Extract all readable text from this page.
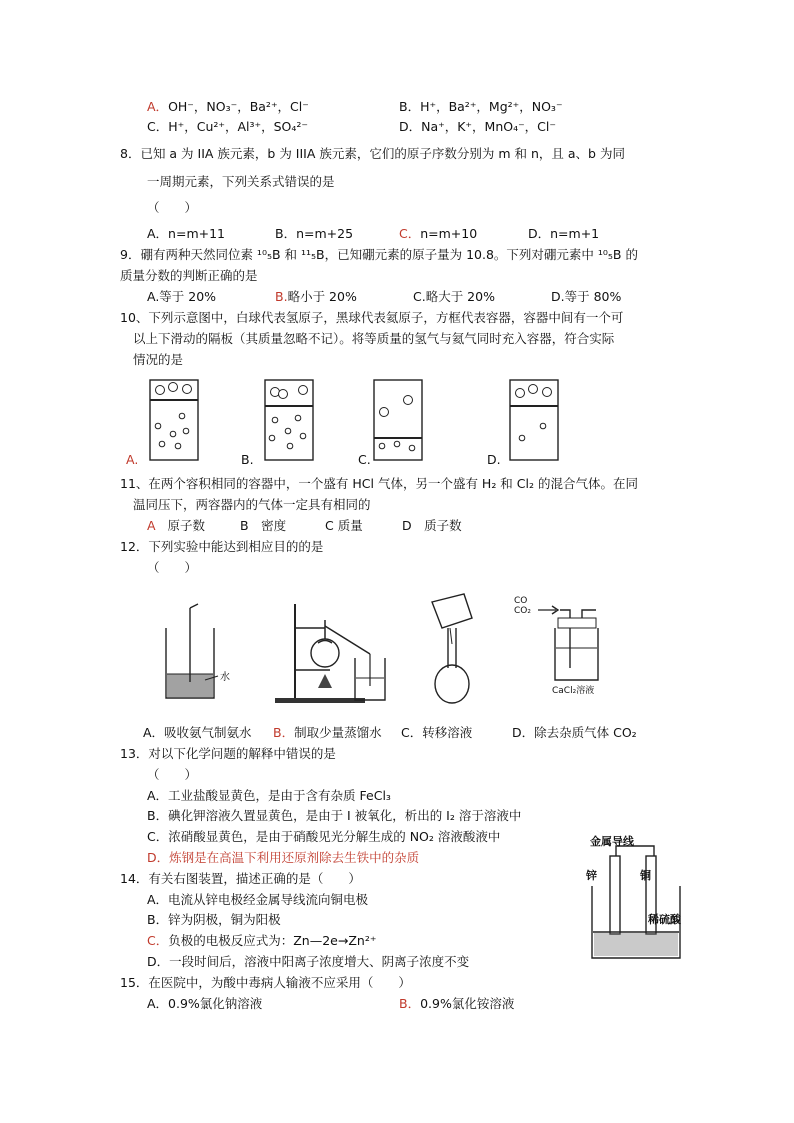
A．OH⁻，NO₃⁻，Ba²⁺，Cl⁻	B．H⁺，Ba²⁺，Mg²⁺，NO₃⁻
C．H⁺，Cu²⁺，Al³⁺，SO₄²⁻	D．Na⁺，K⁺，MnO₄⁻，Cl⁻
8．已知 a 为 IIA 族元素，b 为 IIIA 族元素，它们的原子序数分别为 m 和 n，且 a、b 为同
一周期元素，下列关系式错误的是
（　　）
A．n=m+11	B．n=m+25	C．n=m+10	D．n=m+1
9．硼有两种天然同位素 ¹⁰₅B 和 ¹¹₅B，已知硼元素的原子量为 10.8。下列对硼元素中 ¹⁰₅B 的
质量分数的判断正确的是
A.等于 20%	B.略小于 20%	C.略大于 20%	D.等于 80%
10、下列示意图中，白球代表氢原子，黑球代表氦原子，方框代表容器，容器中间有一个可
以上下滑动的隔板（其质量忽略不记）。将等质量的氢气与氦气同时充入容器，符合实际
情况的是
A.	B.	C.	D.
11、在两个容积相同的容器中，一个盛有 HCl 气体，另一个盛有 H₂ 和 Cl₂ 的混合气体。在同
温同压下，两容器内的气体一定具有相同的
A 原子数	B　密度	C 质量	D　质子数
12．下列实验中能达到相应目的的是
（　　）
水
CO
CO₂
CaCl₂溶液
A．吸收氨气制氨水 B．制取少量蒸馏水 C．转移溶液	D．除去杂质气体 CO₂
13．对以下化学问题的解释中错误的是
（　　）
A．工业盐酸显黄色，是由于含有杂质 FeCl₃
B．碘化钾溶液久置显黄色，是由于 I 被氧化，析出的 I₂ 溶于溶液中
C．浓硝酸显黄色，是由于硝酸见光分解生成的 NO₂ 溶液酸液中
D．炼钢是在高温下利用还原剂除去生铁中的杂质
14．有关右图装置，描述正确的是（　　）
A．电流从锌电极经金属导线流向铜电极
B．锌为阴极，铜为阳极
C．负极的电极反应式为：Zn—2e→Zn²⁺
D．一段时间后，溶液中阳离子浓度增大、阴离子浓度不变
金属导线
锌	铜
稀硫酸
15．在医院中，为酸中毒病人输液不应采用（　　）
A．0.9%氯化钠溶液	B．0.9%氯化铵溶液
